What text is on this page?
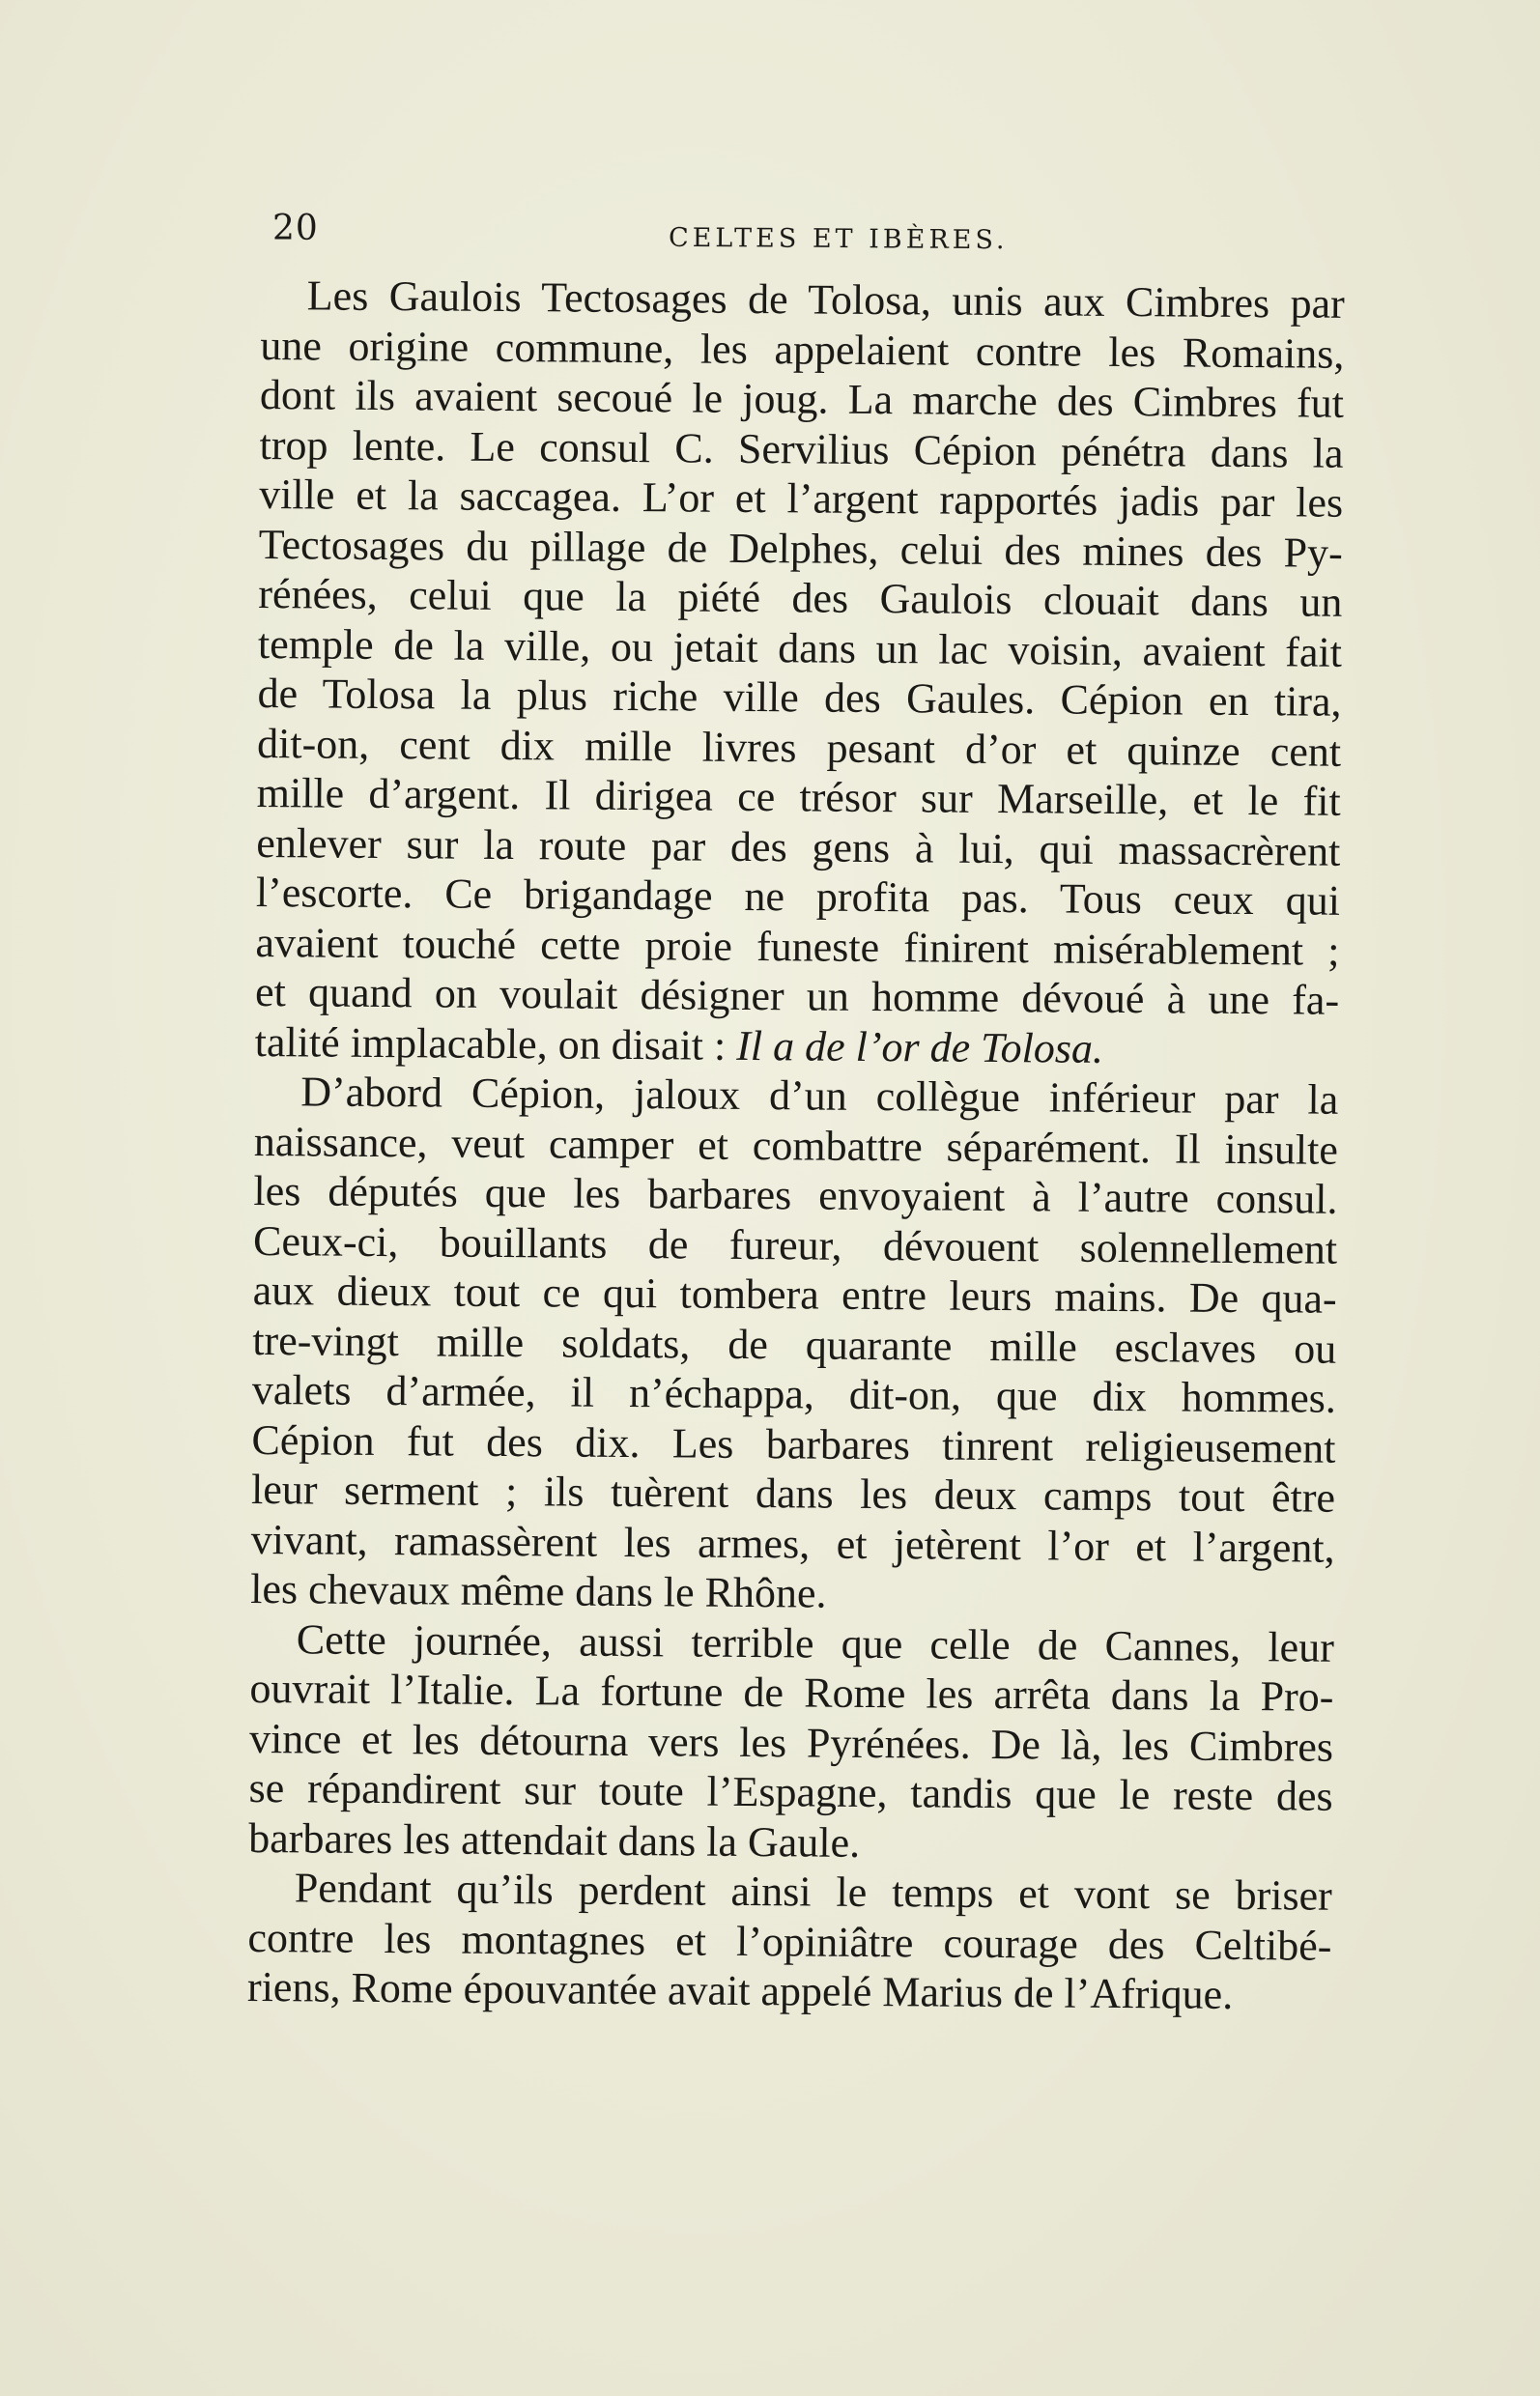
20	CELTES ET IBÈRES.

Les Gaulois Tectosages de Tolosa, unis aux Cimbres par
une origine commune, les appelaient contre les Romains,
dont ils avaient secoué le joug. La marche des Cimbres fut
trop lente. Le consul C. Servilius Cépion pénétra dans la
ville et la saccagea. L’or et l’argent rapportés jadis par les
Tectosages du pillage de Delphes, celui des mines des Py-
rénées, celui que la piété des Gaulois clouait dans un
temple de la ville, ou jetait dans un lac voisin, avaient fait
de Tolosa la plus riche ville des Gaules. Cépion en tira,
dit-on, cent dix mille livres pesant d’or et quinze cent
mille d’argent. Il dirigea ce trésor sur Marseille, et le fit
enlever sur la route par des gens à lui, qui massacrèrent
l’escorte. Ce brigandage ne profita pas. Tous ceux qui
avaient touché cette proie funeste finirent misérablement ;
et quand on voulait désigner un homme dévoué à une fa-
talité implacable, on disait : Il a de l’or de Tolosa.

D’abord Cépion, jaloux d’un collègue inférieur par la
naissance, veut camper et combattre séparément. Il insulte
les députés que les barbares envoyaient à l’autre consul.
Ceux-ci, bouillants de fureur, dévouent solennellement
aux dieux tout ce qui tombera entre leurs mains. De qua-
tre-vingt mille soldats, de quarante mille esclaves ou
valets d’armée, il n’échappa, dit-on, que dix hommes.
Cépion fut des dix. Les barbares tinrent religieusement
leur serment ; ils tuèrent dans les deux camps tout être
vivant, ramassèrent les armes, et jetèrent l’or et l’argent,
les chevaux même dans le Rhône.

Cette journée, aussi terrible que celle de Cannes, leur
ouvrait l’Italie. La fortune de Rome les arrêta dans la Pro-
vince et les détourna vers les Pyrénées. De là, les Cimbres
se répandirent sur toute l’Espagne, tandis que le reste des
barbares les attendait dans la Gaule.

Pendant qu’ils perdent ainsi le temps et vont se briser
contre les montagnes et l’opiniâtre courage des Celtibé-
riens, Rome épouvantée avait appelé Marius de l’Afrique.
